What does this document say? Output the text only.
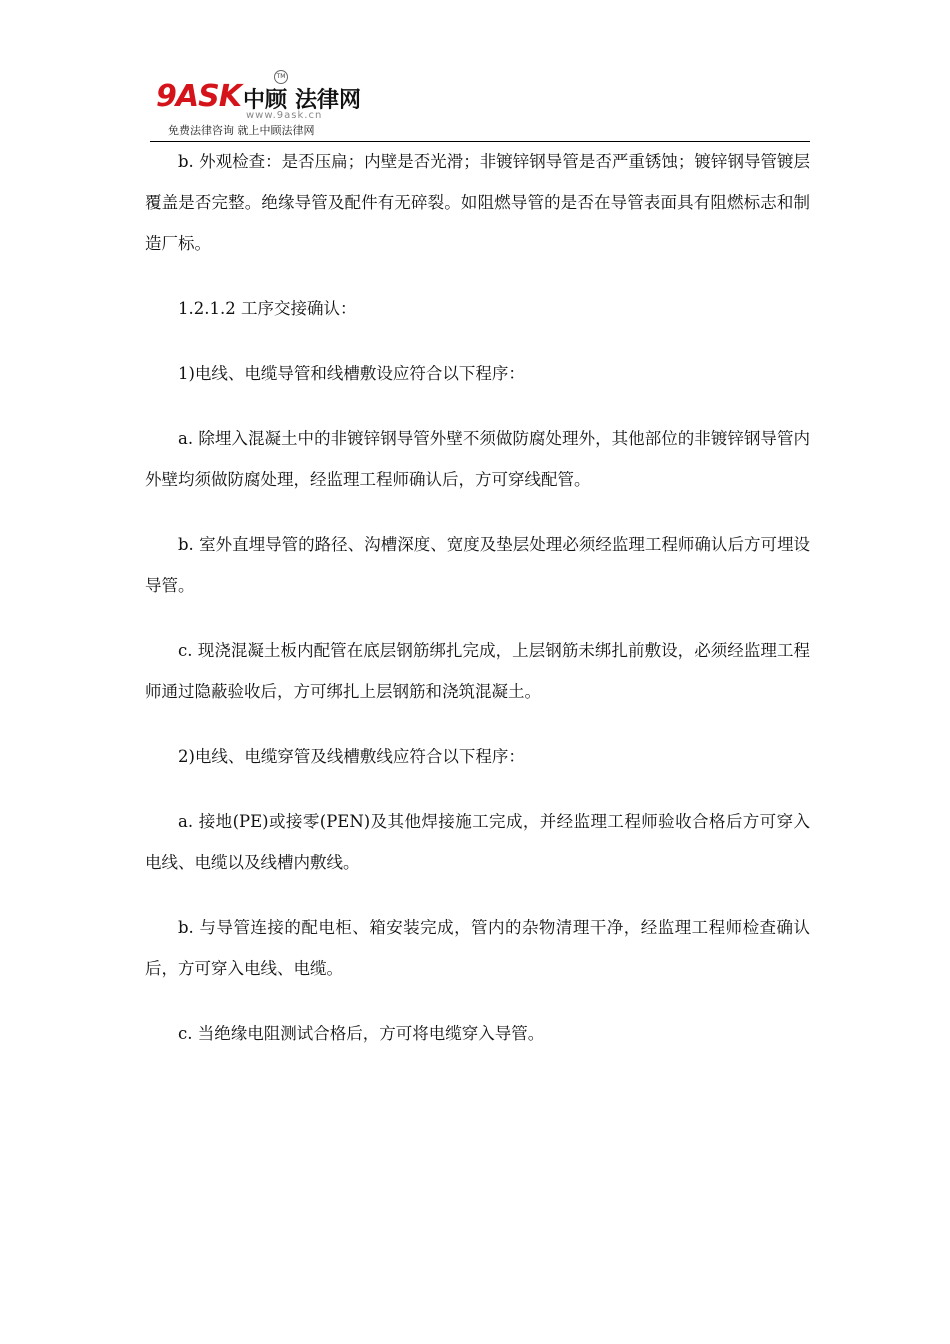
9ASK 中顾 法律网
TM
www.9ask.cn
免费法律咨询 就上中顾法律网

b. 外观检查：是否压扁；内壁是否光滑；非镀锌钢导管是否严重锈蚀；镀锌钢导管镀层覆盖是否完整。绝缘导管及配件有无碎裂。如阻燃导管的是否在导管表面具有阻燃标志和制造厂标。

1.2.1.2 工序交接确认：

1)电线、电缆导管和线槽敷设应符合以下程序：

a. 除埋入混凝土中的非镀锌钢导管外壁不须做防腐处理外，其他部位的非镀锌钢导管内外壁均须做防腐处理，经监理工程师确认后，方可穿线配管。

b. 室外直埋导管的路径、沟槽深度、宽度及垫层处理必须经监理工程师确认后方可埋设导管。

c. 现浇混凝土板内配管在底层钢筋绑扎完成，上层钢筋未绑扎前敷设，必须经监理工程师通过隐蔽验收后，方可绑扎上层钢筋和浇筑混凝土。

2)电线、电缆穿管及线槽敷线应符合以下程序：

a. 接地(PE)或接零(PEN)及其他焊接施工完成，并经监理工程师验收合格后方可穿入电线、电缆以及线槽内敷线。

b. 与导管连接的配电柜、箱安装完成，管内的杂物清理干净，经监理工程师检查确认后，方可穿入电线、电缆。

c. 当绝缘电阻测试合格后，方可将电缆穿入导管。
